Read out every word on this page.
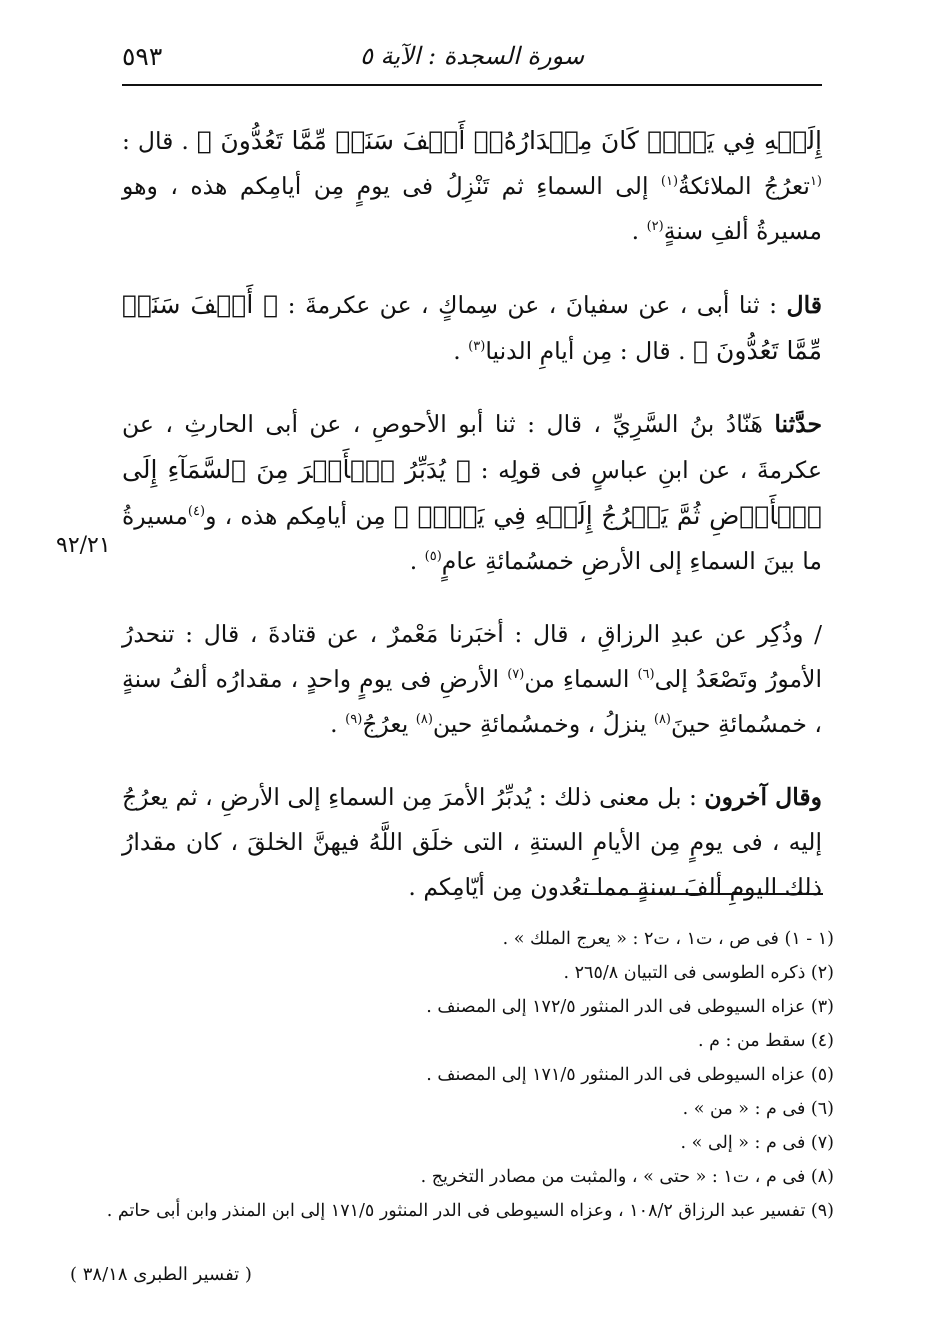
سورة السجدة : الآية ٥
٥٩٣

إِلَيۡهِ فِي يَوۡمٖ كَانَ مِقۡدَارُهُۥٓ أَلۡفَ سَنَةٖ مِّمَّا تَعُدُّونَ ﴾ . قال : $^{(١}$تعرُجُ الملائكةُ$^{(١)}$ إلى السماءِ ثم تَنْزِلُ فى يومٍ مِن أيامِكم هذه ، وهو مسيرةُ ألفِ سنةٍ$^{(٢)}$ .

قال : ثنا أبى ، عن سفيانَ ، عن سِماكٍ ، عن عكرمةَ : ﴿ أَلۡفَ سَنَةٖ مِّمَّا تَعُدُّونَ ﴾ . قال : مِن أيامِ الدنيا$^{(٣)}$ .

حدَّثنا هَنّادُ بنُ السَّرِيِّ ، قال : ثنا أبو الأحوصِ ، عن أبى الحارثِ ، عن عكرمةَ ، عن ابنِ عباسٍ فى قولِه : ﴿ يُدَبِّرُ ٱلۡأَمۡرَ مِنَ ٱلسَّمَآءِ إِلَى ٱلۡأَرۡضِ ثُمَّ يَعۡرُجُ إِلَيۡهِ فِي يَوۡمٖ ﴾ مِن أيامِكم هذه ، و$^{(٤)}$مسيرةُ ما بينَ السماءِ إلى الأرضِ خمسُمائةِ عامٍ$^{(٥)}$ .

/ وذُكِر عن عبدِ الرزاقِ ، قال : أخبَرنا مَعْمرٌ ، عن قتادةَ ، قال : تنحدرُ الأمورُ وتَصْعَدُ إلى$^{(٦)}$ السماءِ من$^{(٧)}$ الأرضِ فى يومٍ واحدٍ ، مقدارُه ألفُ سنةٍ ، خمسُمائةِ حينَ$^{(٨)}$ ينزلُ ، وخمسُمائةِ حين$^{(٨)}$ يعرُجُ$^{(٩)}$ .

وقال آخرون : بل معنى ذلك : يُدبِّرُ الأمرَ مِن السماءِ إلى الأرضِ ، ثم يعرُجُ إليه ، فى يومٍ مِن الأيامِ الستةِ ، التى خلَق اللَّهُ فيهنَّ الخلقَ ، كان مقدارُ ذلك اليومِ ألفَ سنةٍ مما تعُدون مِن أيّامِكم .

٩٢/٢١

(١ - ١) فى ص ، ت١ ، ت٢ : « يعرج الملك » .

(٢) ذكره الطوسى فى التبيان ٢٦٥/٨ .

(٣) عزاه السيوطى فى الدر المنثور ١٧٢/٥ إلى المصنف .

(٤) سقط من : م .

(٥) عزاه السيوطى فى الدر المنثور ١٧١/٥ إلى المصنف .

(٦) فى م : « من » .

(٧) فى م : « إلى » .

(٨) فى م ، ت١ : « حتى » ، والمثبت من مصادر التخريج .

(٩) تفسير عبد الرزاق ١٠٨/٢ ، وعزاه السيوطى فى الدر المنثور ١٧١/٥ إلى ابن المنذر وابن أبى حاتم .

( تفسير الطبرى ٣٨/١٨ )
